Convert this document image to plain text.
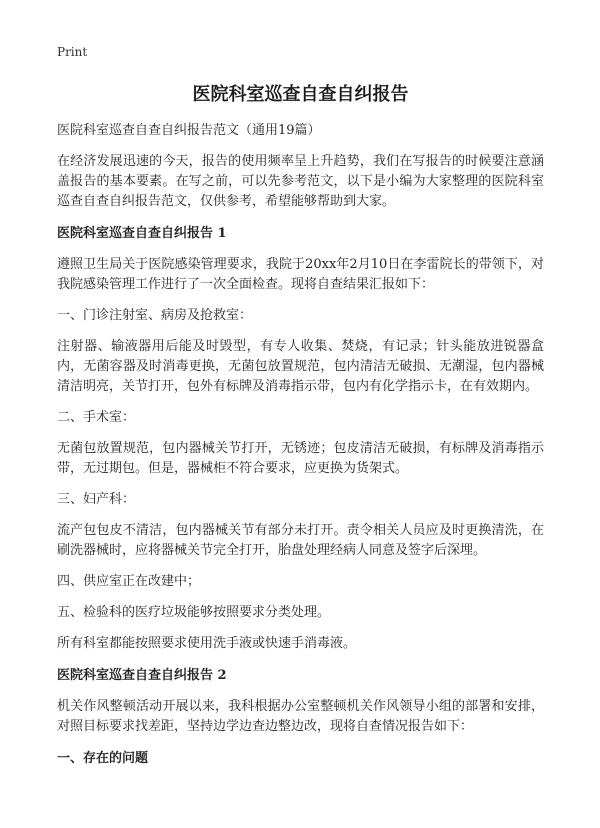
Print

医院科室巡查自查自纠报告

医院科室巡查自查自纠报告范文（通用19篇）

在经济发展迅速的今天，报告的使用频率呈上升趋势，我们在写报告的时候要注意涵盖报告的基本要素。在写之前，可以先参考范文，以下是小编为大家整理的医院科室巡查自查自纠报告范文，仅供参考，希望能够帮助到大家。

医院科室巡查自查自纠报告 1

遵照卫生局关于医院感染管理要求，我院于20xx年2月10日在李雷院长的带领下，对我院感染管理工作进行了一次全面检查。现将自查结果汇报如下：

一、门诊注射室、病房及抢救室：

注射器、输液器用后能及时毁型，有专人收集、焚烧，有记录；针头能放进锐器盒内，无菌容器及时消毒更换，无菌包放置规范，包内清洁无破损、无潮湿，包内器械清洁明亮，关节打开，包外有标牌及消毒指示带，包内有化学指示卡，在有效期内。

二、手术室：

无菌包放置规范，包内器械关节打开，无锈迹；包皮清洁无破损，有标牌及消毒指示带，无过期包。但是，器械柜不符合要求，应更换为货架式。

三、妇产科：

流产包包皮不清洁，包内器械关节有部分未打开。责令相关人员应及时更换清洗，在刷洗器械时，应将器械关节完全打开，胎盘处理经病人同意及签字后深埋。

四、供应室正在改建中；

五、检验科的医疗垃圾能够按照要求分类处理。

所有科室都能按照要求使用洗手液或快速手消毒液。

医院科室巡查自查自纠报告 2

机关作风整顿活动开展以来，我科根据办公室整顿机关作风领导小组的部署和安排，对照目标要求找差距，坚持边学边查边整边改，现将自查情况报告如下：

一、存在的问题
